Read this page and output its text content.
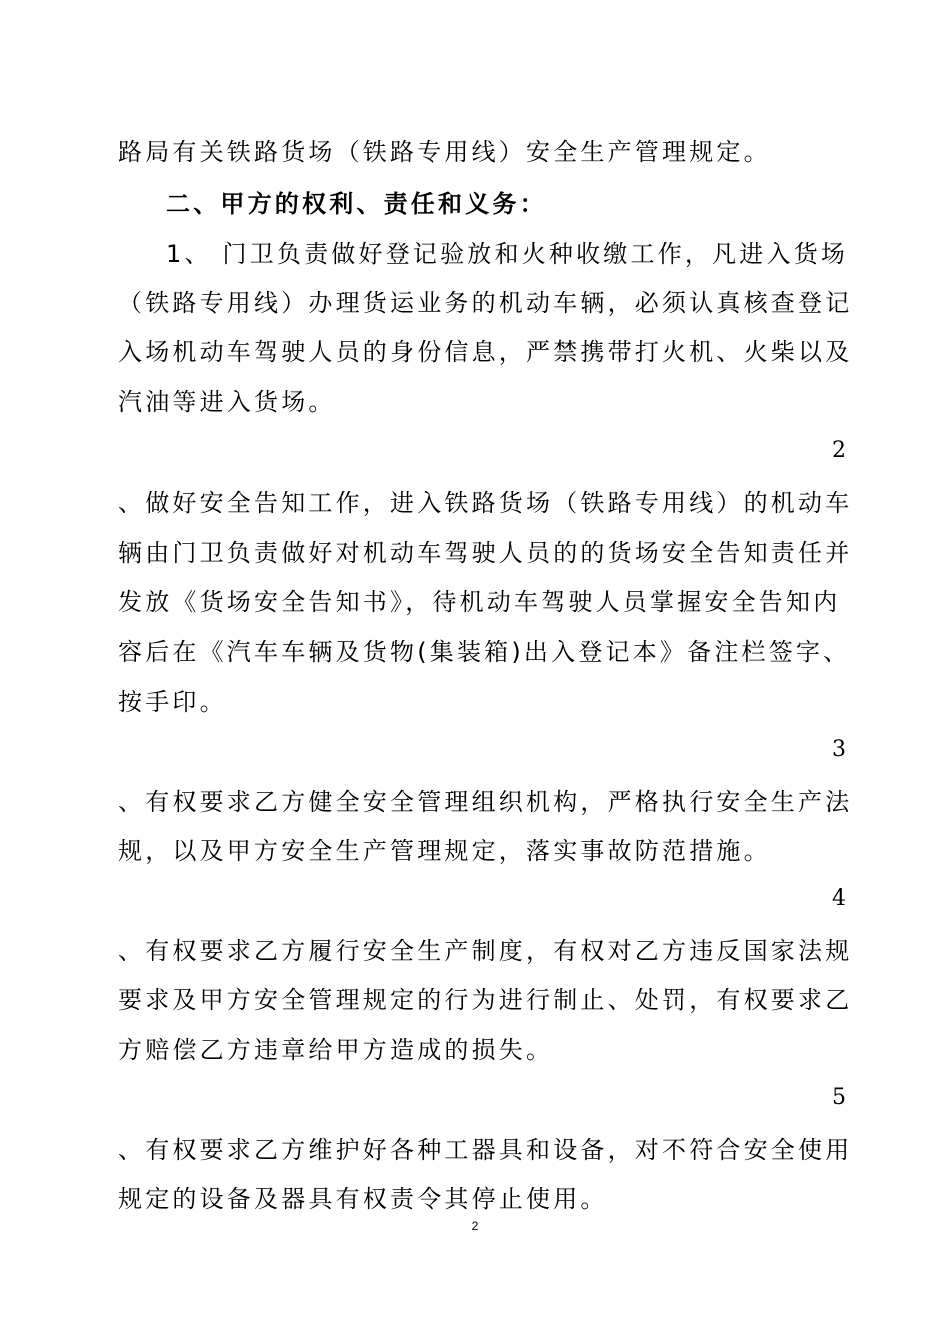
路局有关铁路货场（铁路专用线）安全生产管理规定。
二、甲方的权利、责任和义务：
1、 门卫负责做好登记验放和火种收缴工作，凡进入货场
（铁路专用线）办理货运业务的机动车辆，必须认真核查登记
入场机动车驾驶人员的身份信息，严禁携带打火机、火柴以及
汽油等进入货场。
2
、做好安全告知工作，进入铁路货场（铁路专用线）的机动车
辆由门卫负责做好对机动车驾驶人员的的货场安全告知责任并
发放《货场安全告知书》，待机动车驾驶人员掌握安全告知内
容后在《汽车车辆及货物(集装箱)出入登记本》备注栏签字、
按手印。
3
、有权要求乙方健全安全管理组织机构，严格执行安全生产法
规，以及甲方安全生产管理规定，落实事故防范措施。
4
、有权要求乙方履行安全生产制度，有权对乙方违反国家法规
要求及甲方安全管理规定的行为进行制止、处罚，有权要求乙
方赔偿乙方违章给甲方造成的损失。
5
、有权要求乙方维护好各种工器具和设备，对不符合安全使用
规定的设备及器具有权责令其停止使用。
2
